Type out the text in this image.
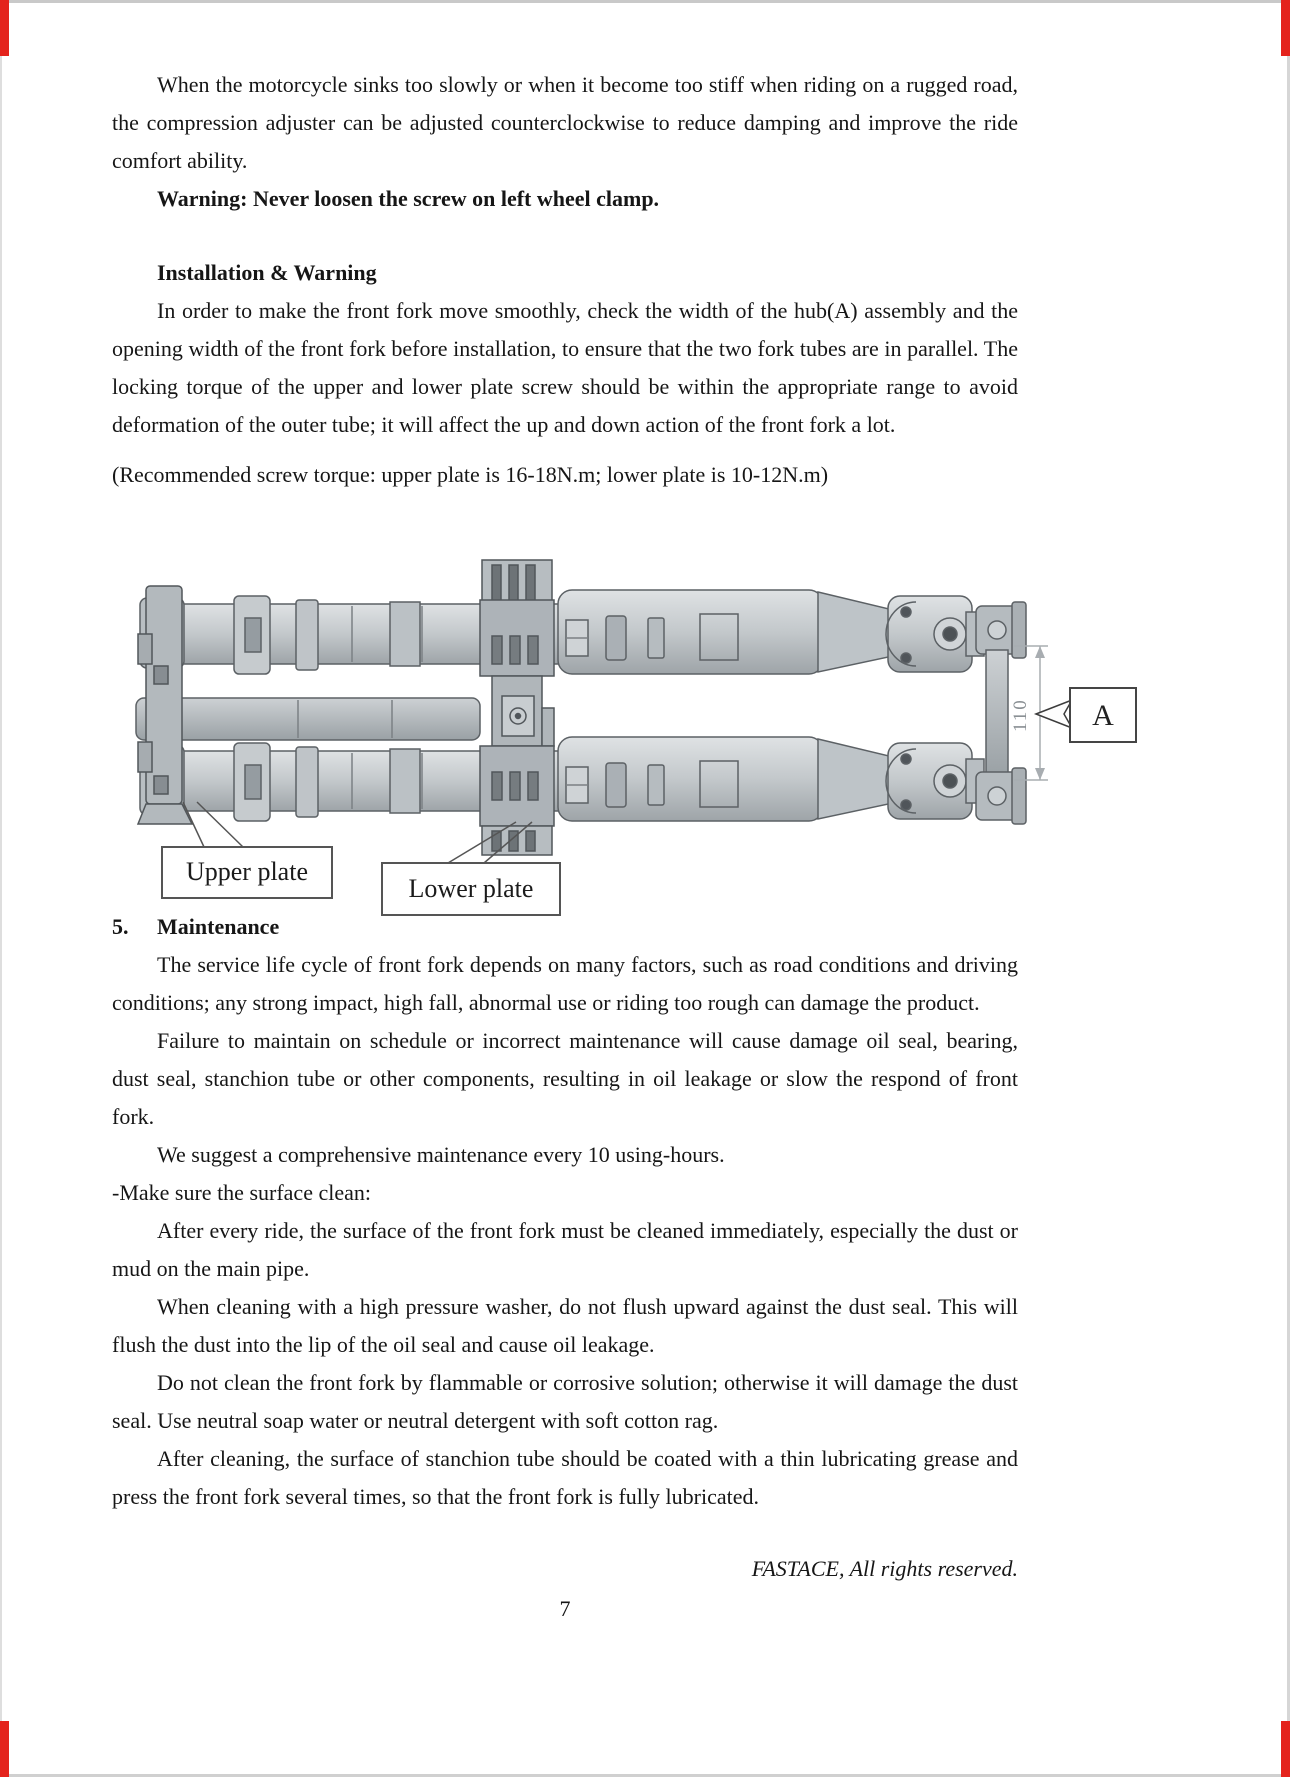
When the motorcycle sinks too slowly or when it become too stiff when riding on a rugged road, the compression adjuster can be adjusted counterclockwise to reduce damping and improve the ride comfort ability.

Warning: Never loosen the screw on left wheel clamp.

Installation & Warning

In order to make the front fork move smoothly, check the width of the hub(A) assembly and the opening width of the front fork before installation, to ensure that the two fork tubes are in parallel. The locking torque of the upper and lower plate screw should be within the appropriate range to avoid deformation of the outer tube; it will affect the up and down action of the front fork a lot.

(Recommended screw torque: upper plate is 16-18N.m; lower plate is 10-12N.m)

5.	Maintenance

The service life cycle of front fork depends on many factors, such as road conditions and driving conditions; any strong impact, high fall, abnormal use or riding too rough can damage the product.

Failure to maintain on schedule or incorrect maintenance will cause damage oil seal, bearing, dust seal, stanchion tube or other components, resulting in oil leakage or slow the respond of front fork.

We suggest a comprehensive maintenance every 10 using-hours.

-Make sure the surface clean:

After every ride, the surface of the front fork must be cleaned immediately, especially the dust or mud on the main pipe.

When cleaning with a high pressure washer, do not flush upward against the dust seal. This will flush the dust into the lip of the oil seal and cause oil leakage.

Do not clean the front fork by flammable or corrosive solution; otherwise it will damage the dust seal. Use neutral soap water or neutral detergent with soft cotton rag.

After cleaning, the surface of stanchion tube should be coated with a thin lubricating grease and press the front fork several times, so that the front fork is fully lubricated.

FASTACE, All rights reserved.

7

110 A
Upper plate
Lower plate
